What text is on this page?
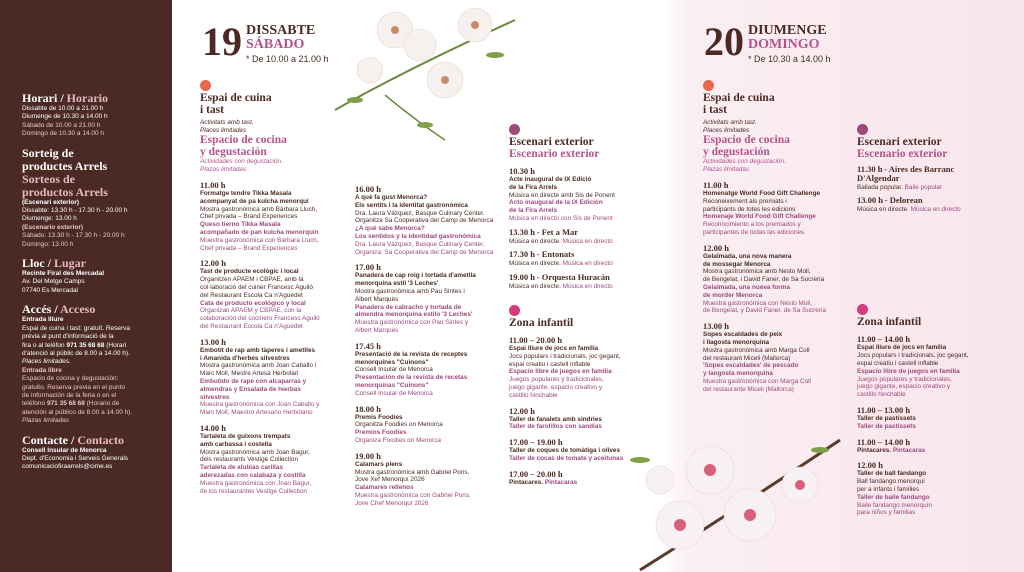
Horari / Horario
Dissabte de 10.00 a 21.00 h
Diumenge de 10.30 a 14.00 h
Sábado de 10.00 a 21.00 h
Domingo de 10.30 a 14.00 h
Sorteig de
productes Arrels
Sorteos de
productos Arrels
(Escenari exterior)
Dissabte: 13.30 h - 17.30 h - 20.00 h
Diumenge: 13.00 h
(Escenario exterior)
Sábado: 13.30 h - 17.30 h - 20.00 h
Domingo: 13.00 h
Lloc / Lugar
Recinte Firal des Mercadal
Av. Del Metge Camps
07740 Es Mercadal
Accés / Acceso
Entrada lliure
Espai de cuina i tast: gratuït. Reserva
prèvia al punt d'informació de la
fira o al telèfon 971 35 68 68 (Horari
d'atenció al públic de 8.00 a 14.00 h).
Places limitades.
Entrada libre
Espacio de cocina y degustación:
gratuito. Reserva previa en el punto
de información de la feria o en el
teléfono 971 35 68 68 (Horario de
atención al público de 8.00 a 14.00 h).
Plazas limitadas
Contacte / Contacto
Consell Insular de Menorca
Dept. d'Economia i Serveis Generals
comunicaciofiraarrels@cime.es
19 DISSABTE
SÁBADO
* De 10.00 a 21.00 h	20 DIUMENGE
DOMINGO
* De 10.30 a 14.00 h
Espai de cuina
i tast
Activitats amb tast.
Places limitades
Espacio de cocina
y degustación
Actividades con degustación.
Plazas limitadas
11.00 h
Formatge tendre Tikka Masala
acompanyat de pa kulcha menorquí
Mostra gastronòmica amb Bàrbara Lluch,
Chef privada – Brand Experiences
Queso tierno Tikka Masala
acompañado de pan kulcha menorquín
Muestra gastronómica con Bárbara Lluch,
Chef privada – Brand Experiences
12.00 h
Tast de producte ecològic i local
Organitzen APAEM i CBPAE, amb la
col·laboració del cuiner Francesc Aguiló
del Restaurant Escola Ca n'Aguedet
Cata de producto ecológico y local
Organizan APAEM y CBPAE, con la
colaboración del cocinero Francesc Aguiló
del Restaurant Escola Ca n'Aguedet
13.00 h
Embotit de rap amb tàperes i ametlles
i Amanida d'herbes silvestres
Mostra gastronòmica amb Joan Caballo i
Marc Moll, Mestre Artesà Herbolari
Embutido de rape con alcaparras y
almendras y Ensalada de hierbas
silvestres
Muestra gastronómica con Joan Caballo y
Marc Moll, Maestro Artesano Herbolario
14.00 h
Tartaleta de guixons trempats
amb carbassa i costella
Mostra gastronòmica amb Joan Bagur,
dels restaurants Vestige Collection
Tartaleta de alubias carillas
aderezadas con calabaza y costilla
Muestra gastronómica con Joan Bagur,
de los restaurantes Vestige Collection
16.00 h
A què fa gust Menorca?
Els sentits i la identitat gastronòmica
Dra. Laura Vázquez, Basque Culinary Center.
Organitza Sa Cooperativa del Camp de Menorca
¿A qué sabe Menorca?
Los sentidos y la identidad gastronómica
Dra. Laura Vázquez, Basque Culinary Center.
Organiza: Sa Cooperativa del Camp de Menorca
17.00 h
Panadera de cap roig i tortada d'ametlla
menorquina estil '3 Leches'
Mostra gastronòmica amb Pau Sintes i
Albert Marquès
Panadera de cabracho y tortada de
almendra menorquina estilo '3 Leches'
Muestra gastronómica con Pau Sintes y
Albert Marquès
17.45 h
Presentació de la revista de receptes
menorquines "Cuinons"
Consell Insular de Menorca
Presentación de la revista de recetas
menorquinas "Cuinons"
Consell Insular de Menorca
18.00 h
Premis Foodies
Organitza Foodies on Menorca
Premios Foodies
Organiza Foodies on Menorca
19.00 h
Calamars plens
Mostra gastronòmica amb Gabriel Pons,
Jove Xef Menorquí 2026
Calamares rellenos
Muestra gastronómica con Gabriel Pons,
Jove Chef Menorquí 2026
Escenari exterior
Escenario exterior
10.30 h
Acte inaugural de IX Edició
de la Fira Arrels
Música en directe amb Sis de Ponent
Acto inaugural de la IX Edición
de la Fira Arrels
Música en directo con Sis de Ponent
13.30 h - Fet a Mar
Música en directe. Música en directo
17.30 h - Entonats
Música en directe. Música en directo
19.00 h - Orquesta Huracán
Música en directe. Música en directo
Zona infantil
11.00 – 20.00 h
Espai lliure de jocs en família
Jocs populars i tradicionals, joc gegant,
espai creatiu i castell inflable
Espacio libre de juegos en familia
Juegos populares y tradicionales,
juego gigante, espacio creativo y
castillo hinchable
12.00 h
Taller de fanalets amb sindries
Taller de farolillos con sandías
17.00 – 19.00 h
Taller de coques de tomàtiga i olives
Taller de cocas de tomate y aceitunas
17.00 – 20.00 h
Pintacares. Pintacaras
Espai de cuina
i tast
Activitats amb tast.
Places limitades
Espacio de cocina
y degustación
Actividades con degustación.
Plazas limitadas
11.00 h
Homenatge World Food Gift Challenge
Reconeixement als premiats i
participants de totes les edicions
Homenaje World Food Gift Challenge
Reconocimiento a los premiados y
participantes de todas las ediciones
12.00 h
Gelaïmada, una nova manera
de mossegar Menorca
Mostra gastronòmica amb Nesto Moll,
de Bengelat, i David Faner, de Sa Sucreria
Gelaïmada, una nueva forma
de morder Menorca
Muestra gastronómica con Nesto Moll,
de Bengelat, y David Faner, de Sa Sucreria
13.00 h
Sopes escaldades de peix
i llagosta menorquina
Mostra gastronòmica amb Marga Coll
del restaurant Miceli (Mallorca)
'Sopes escaldades' de pescado
y langosta menorquina
Muestra gastronómica con Marga Coll
del restaurante Miceli (Mallorca)
Escenari exterior
Escenario exterior
11.30 h - Aires des Barranc
D'Algendar
Ballada popular. Baile popular
13.00 h - Delorean
Música en directe. Música en directo
Zona infantil
11.00 – 14.00 h
Espai lliure de jocs en família
Jocs populars i tradicionals, joc gegant,
espai creatiu i castell inflable
Espacio libre de juegos en familia
Juegos populares y tradicionales,
juego gigante, espacio creativo y
castillo hinchable
11.00 – 13.00 h
Taller de pastissets
Taller de pastissets
11.00 – 14.00 h
Pintacares. Pintacaras
12.00 h
Taller de ball fandango
Ball fandango menorquí
per a infants i famílies
Taller de baile fandango
Baile fandango menorquín
para niños y familias
